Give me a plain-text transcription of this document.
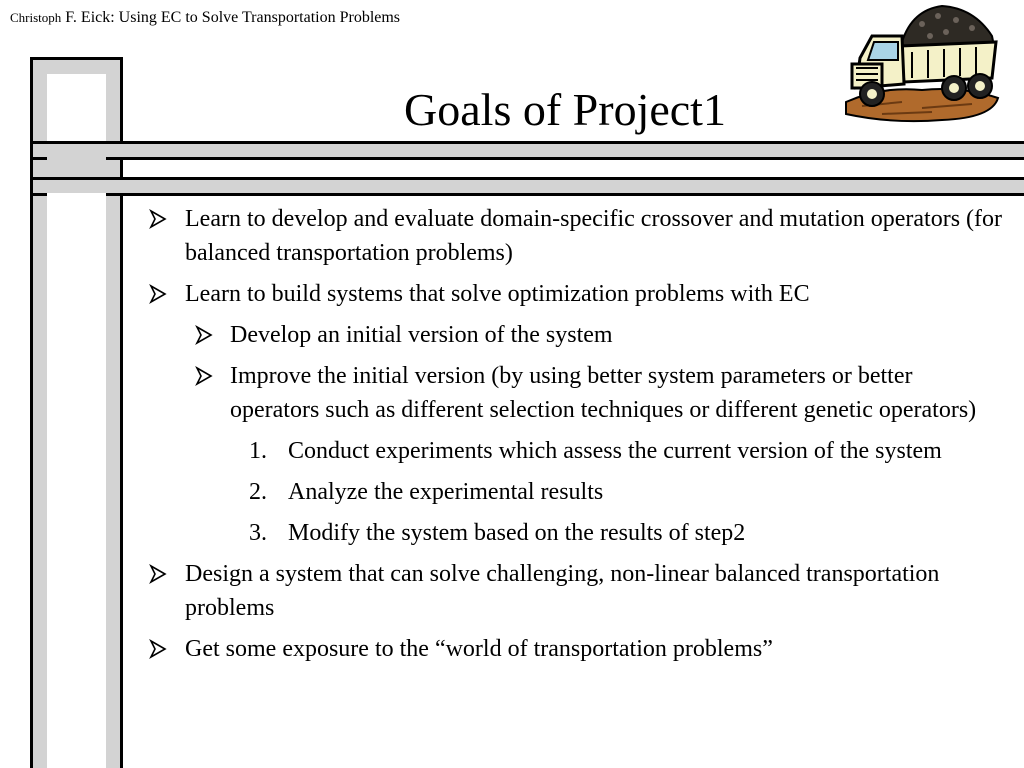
Christoph F. Eick: Using EC to Solve Transportation Problems
Goals of Project1
Learn to develop and evaluate domain-specific crossover and mutation operators (for balanced transportation problems)
Learn to build systems that solve optimization problems with EC
Develop an initial version of the system
Improve the initial version (by using better system parameters or better operators such as different selection techniques or different genetic operators)
1. Conduct experiments which assess the current version of the system
2. Analyze the experimental results
3. Modify the system based on the results of step2
Design a system that can solve challenging, non-linear balanced transportation problems
Get some exposure to the “world of transportation problems”
